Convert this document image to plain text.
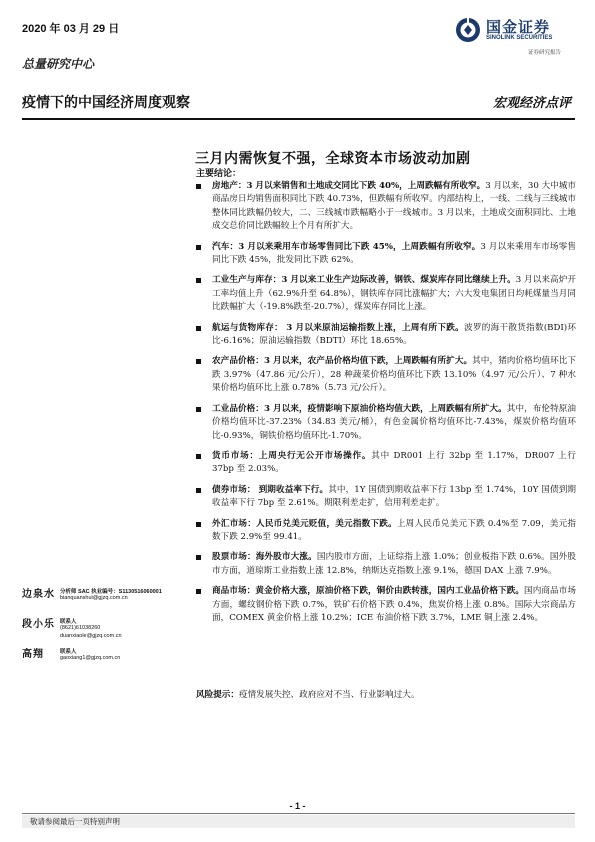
2020 年 03 月 29 日
总量研究中心
疫情下的中国经济周度观察	宏观经济点评
国金证券
SINOLINK SECURITIES
证券研究报告
三月内需恢复不强，全球资本市场波动加剧
主要结论：
房地产：3 月以来销售和土地成交同比下跌 40%，上周跌幅有所收窄。3 月以来，30 大中城市商品房日均销售面积同比下跌 40.73%，但跌幅有所收窄。内部结构上，一线、二线与三线城市整体同比跌幅仍较大，二、三线城市跌幅略小于一线城市。3 月以来，土地成交面积同比、土地成交总价同比跌幅较上个月有所扩大。
汽车：3 月以来乘用车市场零售同比下跌 45%，上周跌幅有所收窄。3 月以来乘用车市场零售同比下跌 45%，批发同比下跌 62%。
工业生产与库存：3 月以来工业生产边际改善，钢铁、煤炭库存同比继续上升。3 月以来高炉开工率均值上升（62.9%升至 64.8%），钢铁库存同比涨幅扩大；六大发电集团日均耗煤量当月同比跌幅扩大（-19.8%跌至-20.7%），煤炭库存同比上涨。
航运与货物库存： 3 月以来原油运输指数上涨，上周有所下跌。波罗的海干散货指数(BDI)环比-6.16%；原油运输指数（BDTI）环比 18.65%。
农产品价格：3 月以来，农产品价格均值下跌，上周跌幅有所扩大。其中，猪肉价格均值环比下跌 3.97%（47.86 元/公斤），28 种蔬菜价格均值环比下跌 13.10%（4.97 元/公斤）、7 种水果价格均值环比上涨 0.78%（5.73 元/公斤）。
工业品价格：3 月以来，疫情影响下原油价格均值大跌，上周跌幅有所扩大。其中，布伦特原油价格均值环比-37.23%（34.83 美元/桶），有色金属价格均值环比-7.43%，煤炭价格均值环比-0.93%，铜铁价格均值环比-1.70%。
货币市场：上周央行无公开市场操作。其中 DR001 上行 32bp 至 1.17%，DR007 上行 37bp 至 2.03%。
债券市场： 到期收益率下行。其中，1Y 国债到期收益率下行 13bp 至 1.74%，10Y 国债到期收益率下行 7bp 至 2.61%。期限利差走扩，信用利差走扩。
外汇市场：人民币兑美元贬值，美元指数下跌。上周人民币兑美元下跌 0.4%至 7.09，美元指数下跌 2.9%至 99.41。
股票市场：海外股市大涨。国内股市方面，上证综指上涨 1.0%；创业板指下跌 0.6%。国外股市方面，道琼斯工业指数上涨 12.8%，纳斯达克指数上涨 9.1%，德国 DAX 上涨 7.9%。
商品市场：黄金价格大涨，原油价格下跌，铜价由跌转涨，国内工业品价格下跌。国内商品市场方面，螺纹钢价格下跌 0.7%，铁矿石价格下跌 0.4%，焦炭价格上涨 0.8%。国际大宗商品方面，COMEX 黄金价格上涨 10.2%；ICE 布油价格下跌 3.7%，LME 铜上涨 2.4%。
风险提示：疫情发展失控、政府应对不当、行业影响过大。
边泉水 分析师 SAC 执业编号：S1130516060001
bianquanshui@gjzq.com.cn
段小乐 联系人
(8621)61038260
duanxiaole@gjzq.com.cn
高翔	联系人
gaoxiang1@gjzq.com.cn
- 1 -
敬请参阅最后一页特别声明
